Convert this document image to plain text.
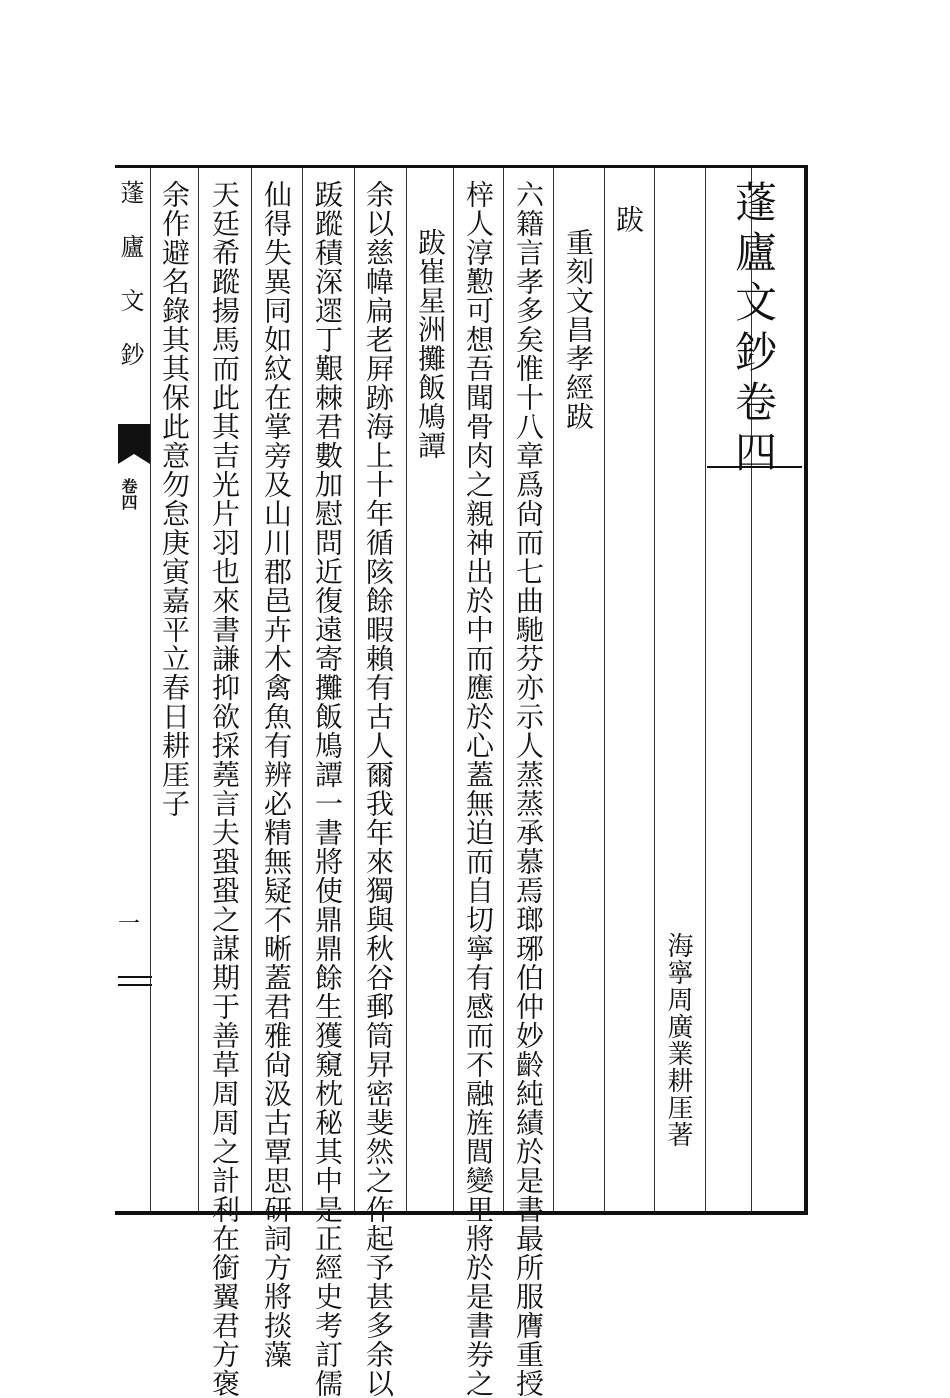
蓬廬文鈔卷四
海寧周廣業耕厓著
跋
重刻文昌孝經跋
六籍言孝多矣惟十八章爲尙而七曲馳芬亦示人蒸蒸承慕焉瑯琊伯仲妙齡純績於是書最所服膺重授
梓人淳懃可想吾聞骨肉之親神出於中而應於心蓋無迫而自切寧有感而不融旌閭變里將於是書券之
跋崔星洲攤飯鳩譚
余以慈幃扁老屛跡海上十年循陔餘暇賴有古人爾我年來獨與秋谷郵筒㫒密斐然之作起予甚多余以
䟦蹤積深遝丁艱棘君數加慰問近復遠寄攤飯鳩譚一書將使鼎鼎餘生獲窺枕秘其中是正經史考訂儒
仙得失異同如紋在掌旁及山川郡邑卉木禽魚有辨必精無疑不晰蓋君雅尙汲古覃思研詞方將掞藻
天廷希蹤揚馬而此其吉光片羽也來書謙抑欲採蕘言夫蛩蛩之謀期于善草周周之計利在銜翼君方褒
余作避名錄其其保此意勿怠庚寅嘉平立春日耕厓子
蓬廬文鈔
卷四
一
